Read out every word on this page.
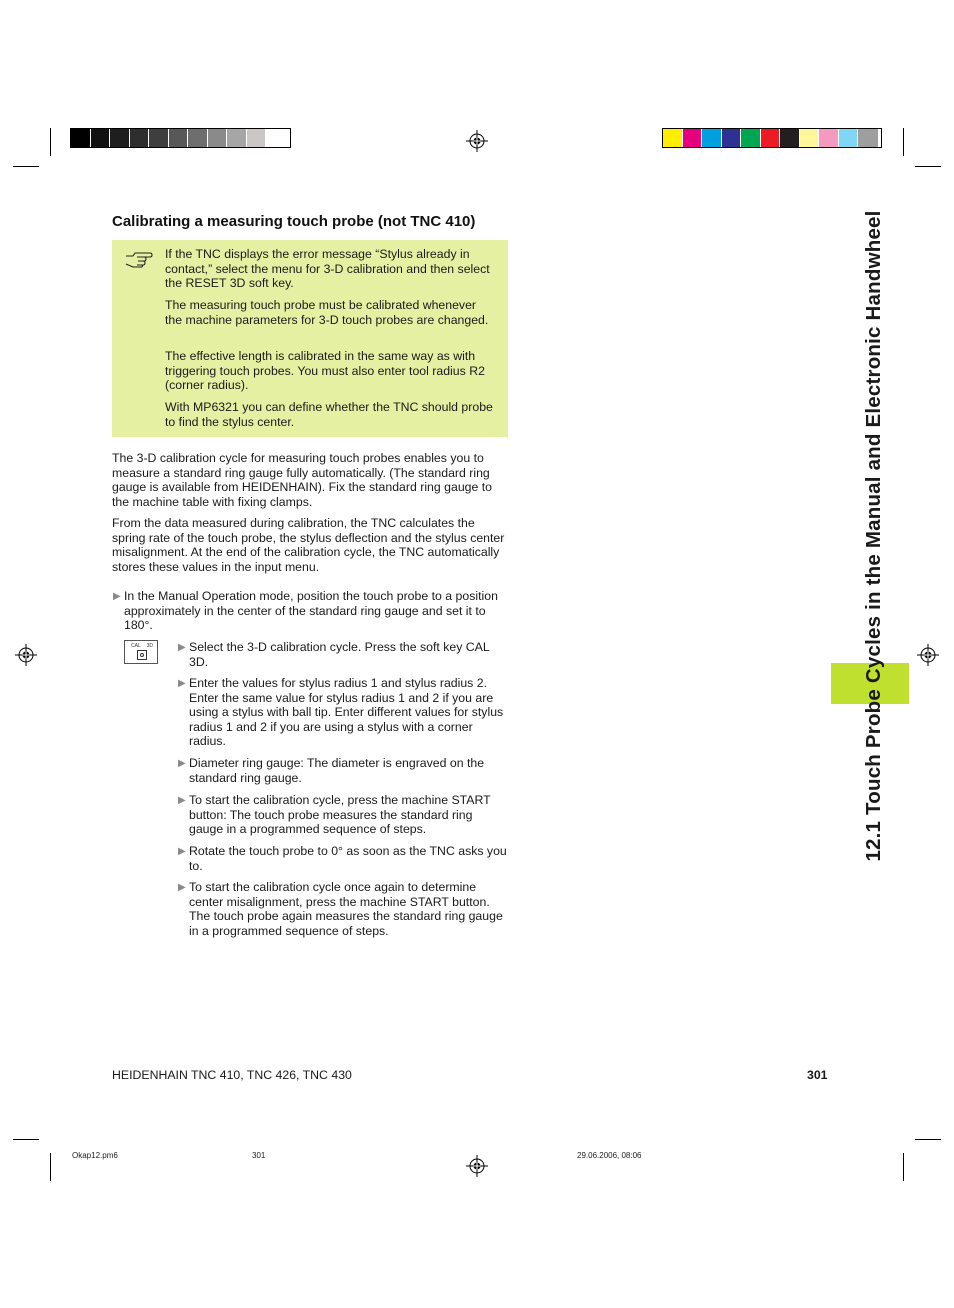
Calibrating a measuring touch probe (not TNC 410)

If the TNC displays the error message “Stylus already in contact,” select the menu for 3-D calibration and then select the RESET 3D soft key.

The measuring touch probe must be calibrated whenever the machine parameters for 3-D touch probes are changed.

The effective length is calibrated in the same way as with triggering touch probes. You must also enter tool radius R2 (corner radius).

With MP6321 you can define whether the TNC should probe to find the stylus center.

The 3-D calibration cycle for measuring touch probes enables you to measure a standard ring gauge fully automatically. (The standard ring gauge is available from HEIDENHAIN). Fix the standard ring gauge to the machine table with fixing clamps.

From the data measured during calibration, the TNC calculates the spring rate of the touch probe, the stylus deflection and the stylus center misalignment. At the end of the calibration cycle, the TNC automatically stores these values in the input menu.

▶ In the Manual Operation mode, position the touch probe to a position approximately in the center of the standard ring gauge and set it to 180°.
CAL 3D	▶ Select the 3-D calibration cycle. Press the soft key CAL 3D.
▶ Enter the values for stylus radius 1 and stylus radius 2. Enter the same value for stylus radius 1 and 2 if you are using a stylus with ball tip. Enter different values for stylus radius 1 and 2 if you are using a stylus with a corner radius.
▶ Diameter ring gauge: The diameter is engraved on the standard ring gauge.
▶ To start the calibration cycle, press the machine START button: The touch probe measures the standard ring gauge in a programmed sequence of steps.
▶ Rotate the touch probe to 0° as soon as the TNC asks you to.
▶ To start the calibration cycle once again to determine center misalignment, press the machine START button. The touch probe again measures the standard ring gauge in a programmed sequence of steps.
12.1 Touch Probe Cycles in the Manual and Electronic Handwheel
HEIDENHAIN TNC 410, TNC 426, TNC 430	301
Okap12.pm6	301	29.06.2006, 08:06
